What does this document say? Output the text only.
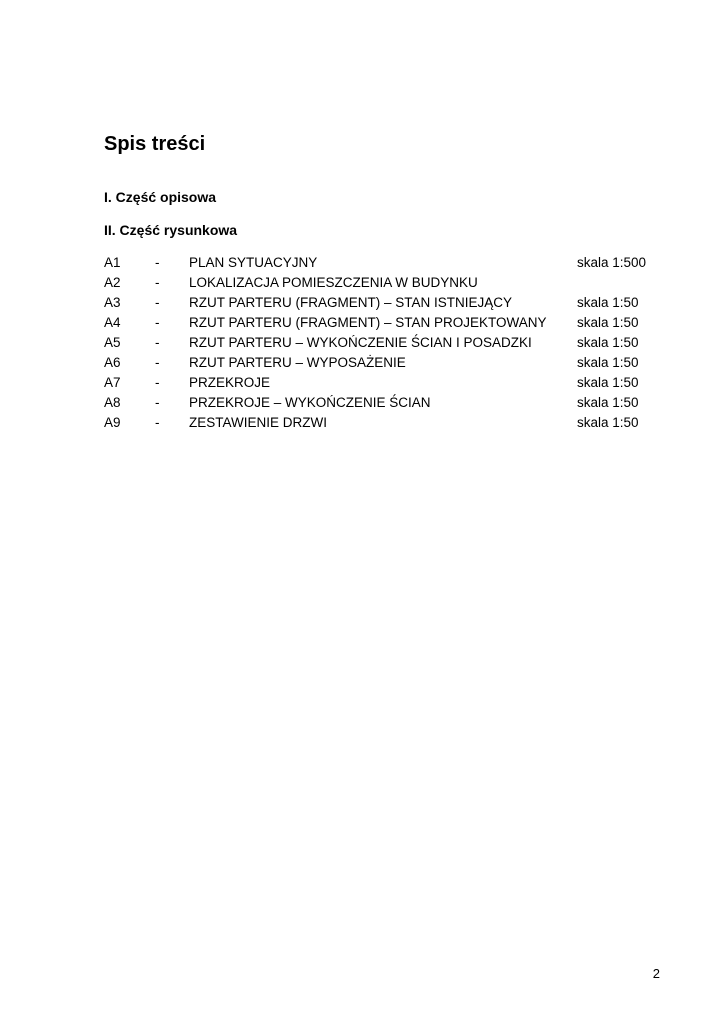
Spis treści
I. Część opisowa
II. Część rysunkowa
A1	- PLAN SYTUACYJNY	skala 1:500
A2	- LOKALIZACJA POMIESZCZENIA W BUDYNKU
A3	- RZUT PARTERU (FRAGMENT) – STAN ISTNIEJĄCY	skala 1:50
A4	- RZUT PARTERU (FRAGMENT) – STAN PROJEKTOWANY skala 1:50
A5	- RZUT PARTERU – WYKOŃCZENIE ŚCIAN I POSADZKI	skala 1:50
A6	- RZUT PARTERU – WYPOSAŻENIE	skala 1:50
A7	- PRZEKROJE	skala 1:50
A8	- PRZEKROJE – WYKOŃCZENIE ŚCIAN	skala 1:50
A9	- ZESTAWIENIE DRZWI	skala 1:50
2
